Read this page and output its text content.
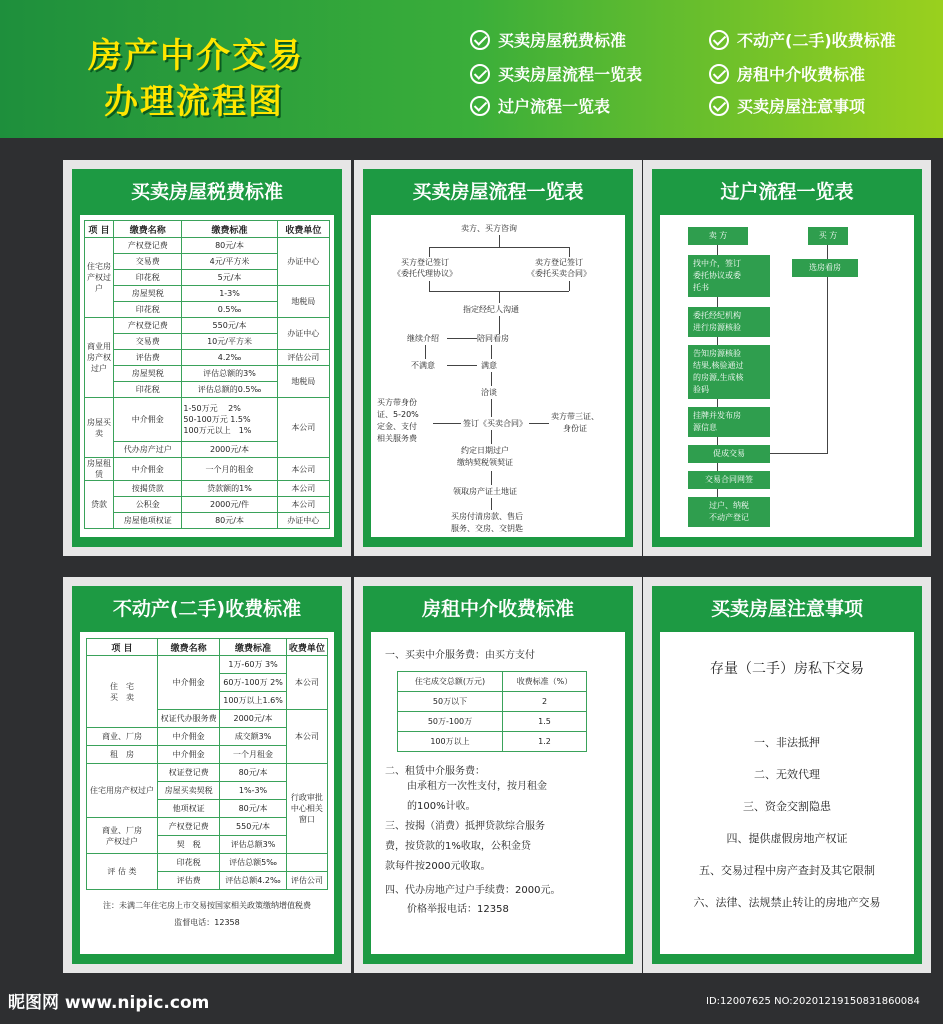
房产中介交易
办理流程图
买卖房屋税费标准	不动产(二手)收费标准
买卖房屋流程一览表	房租中介收费标准
过户流程一览表	买卖房屋注意事项
买卖房屋税费标准
项 目	缴费名称	缴费标准	收费单位
住宅房产权过户	产权登记费	80元/本	办证中心
	交易费	4元/平方米	
	印花税	5元/本	
	房屋契税	1-3%	地税局
	印花税	0.5‰	
商业用房产权过户	产权登记费	550元/本	办证中心
	交易费	10元/平方米	
	评估费	4.2‰	评估公司
	房屋契税	评估总额的3%	地税局
	印花税	评估总额的0.5‰	
房屋买卖	中介佣金	1-50万元　 2%
50-100万元 1.5%
100万元以上　1%	本公司
	代办房产过户	2000元/本	
房屋租赁	中介佣金	一个月的租金	本公司
贷款	按揭贷款	贷款额的1%	本公司
	公积金	2000元/件	本公司
	房屋他项权证	80元/本	办证中心
买卖房屋流程一览表
卖方、买方咨询
买方登记签订
《委托代理协议》
卖方登记签订
《委托买卖合同》
指定经纪人沟通
继续介绍	陪同看房
不满意	满意
洽谈
买方带身份
证、5-20%
定金、支付
相关服务费
签订《买卖合同》
卖方带三证、
身份证
约定日期过户
缴纳契税领契证
领取房产证土地证
买房付清房款、售后
服务、交房、交钥匙
过户流程一览表
卖 方	买 方
选房看房
找中介，签订
委托协议或委
托书
委托经纪机构
进行房源核验
告知房源核验
结果,核验通过
的房源,生成核
验码
挂牌并发布房
源信息
促成交易
交易合同网签
过户、纳税
不动产登记
不动产(二手)收费标准
项 目	缴费名称	缴费标准	收费单位
住　宅
买　卖	中介佣金	1万-60万 3%	本公司
		60万-100万 2%	
		100万以上1.6%	
	权证代办服务费	2000元/本	本公司
商业、厂房	中介佣金	成交额3%	
租　房	中介佣金	一个月租金	
住宅用房产权过户	权证登记费	80元/本	行政审批
中心相关
窗口
	房屋买卖契税	1%-3%	
	他项权证	80元/本	
商业、厂房
产权过户	产权登记费	550元/本	
	契　税	评估总额3%	
评 估 类	印花税	评估总额5‰	
	评估费	评估总额4.2‰	评估公司
注：未满二年住宅房上市交易按国家相关政策缴纳增值税费
监督电话：12358
房租中介收费标准

一、买卖中介服务费：由买方支付

住宅成交总额(万元)	收费标准（%）
50万以下	2
50万-100万	1.5
100万以上	1.2

二、租赁中介服务费：

由承租方一次性支付，按月租金
的100%计收。

三、按揭（消费）抵押贷款综合服务
费，按贷款的1%收取，公积金贷
款每件按2000元收取。

四、代办房地产过户手续费：2000元。

价格举报电话：12358

买卖房屋注意事项
存量（二手）房私下交易
一、非法抵押
二、无效代理
三、资金交割隐患
四、提供虚假房地产权证
五、交易过程中房产查封及其它限制
六、法律、法规禁止转让的房地产交易
昵图网 www.nipic.com	ID:12007625 NO:20201219150831860084
